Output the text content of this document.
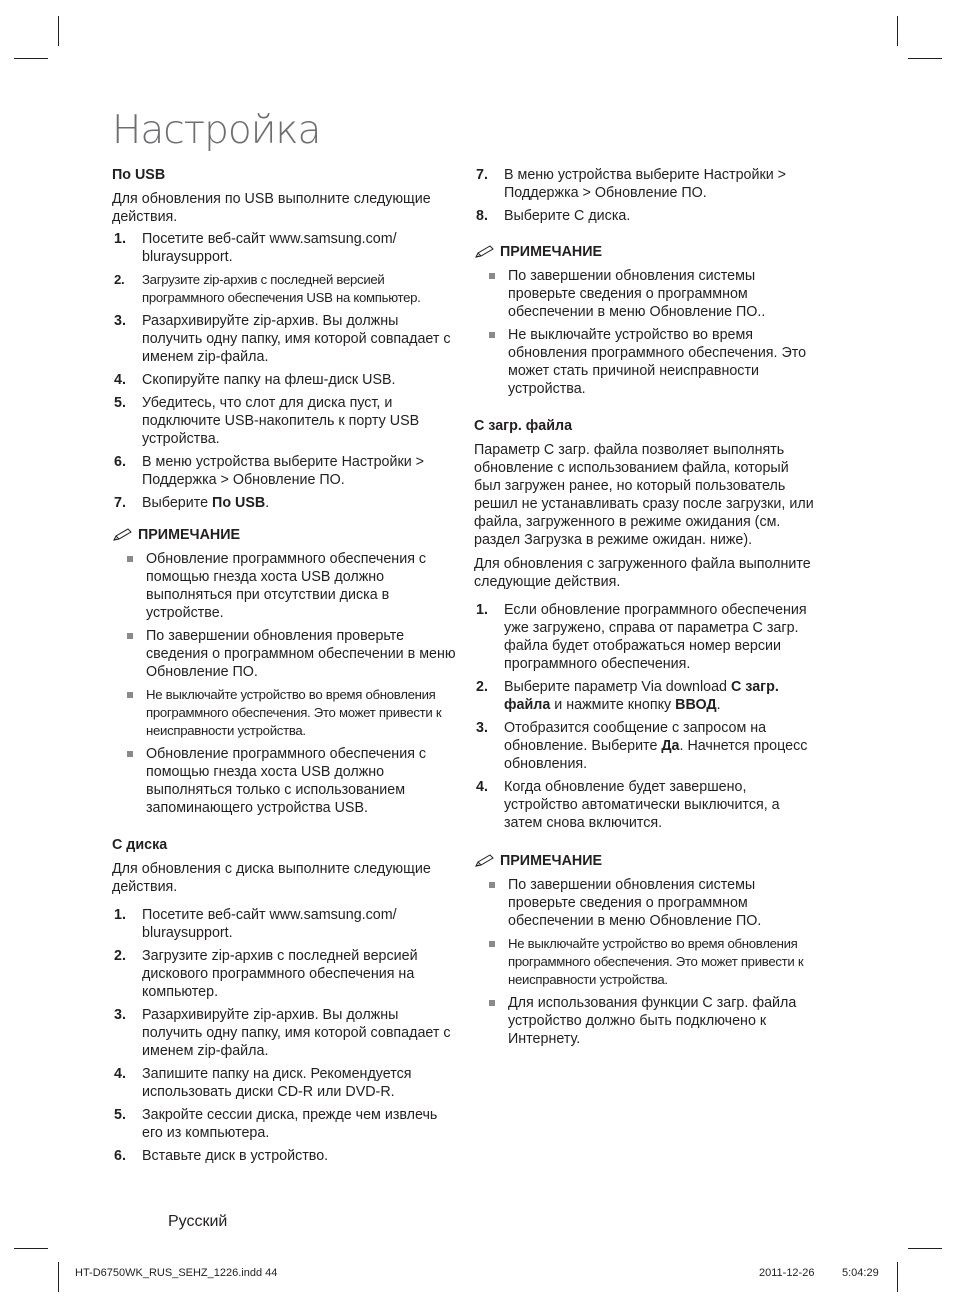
Настройка
По USB

Для обновления по USB выполните следующие действия.

1. Посетите веб-сайт www.samsung.com/ bluraysupport.
2. Загрузите zip-архив с последней версией программного обеспечения USB на компьютер.
3. Разархивируйте zip-архив. Вы должны получить одну папку, имя которой совпадает с именем zip-файла.
4. Скопируйте папку на флеш-диск USB.
5. Убедитесь, что слот для диска пуст, и подключите USB-накопитель к порту USB устройства.
6. В меню устройства выберите Настройки > Поддержка > Обновление ПО.
7. Выберите По USB.
ПРИМЕЧАНИЕ
Обновление программного обеспечения с помощью гнезда хоста USB должно выполняться при отсутствии диска в устройстве.
По завершении обновления проверьте сведения о программном обеспечении в меню Обновление ПО.
Не выключайте устройство во время обновления программного обеспечения. Это может привести к неисправности устройства.
Обновление программного обеспечения с помощью гнезда хоста USB должно выполняться только с использованием запоминающего устройства USB.
С диска

Для обновления с диска выполните следующие действия.

1. Посетите веб-сайт www.samsung.com/ bluraysupport.
2. Загрузите zip-архив с последней версией дискового программного обеспечения на компьютер.
3. Разархивируйте zip-архив. Вы должны получить одну папку, имя которой совпадает с именем zip-файла.
4. Запишите папку на диск. Рекомендуется использовать диски CD-R или DVD-R.
5. Закройте сессии диска, прежде чем извлечь его из компьютера.
6. Вставьте диск в устройство.
7. В меню устройства выберите Настройки > Поддержка > Обновление ПО.
8. Выберите С диска.
ПРИМЕЧАНИЕ
По завершении обновления системы проверьте сведения о программном обеспечении в меню Обновление ПО..
Не выключайте устройство во время обновления программного обеспечения. Это может стать причиной неисправности устройства.
С загр. файла

Параметр С загр. файла позволяет выполнять обновление с использованием файла, который был загружен ранее, но который пользователь решил не устанавливать сразу после загрузки, или файла, загруженного в режиме ожидания (см. раздел Загрузка в режиме ожидан. ниже).

Для обновления с загруженного файла выполните следующие действия.

1. Если обновление программного обеспечения уже загружено, справа от параметра С загр. файла будет отображаться номер версии программного обеспечения.
2. Выберите параметр Via download С загр. файла и нажмите кнопку ВВОД.
3. Отобразится сообщение с запросом на обновление. Выберите Да. Начнется процесс обновления.
4. Когда обновление будет завершено, устройство автоматически выключится, а затем снова включится.
ПРИМЕЧАНИЕ
По завершении обновления системы проверьте сведения о программном обеспечении в меню Обновление ПО.
Не выключайте устройство во время обновления программного обеспечения. Это может привести к неисправности устройства.
Для использования функции С загр. файла устройство должно быть подключено к Интернету.
Русский
HT-D6750WK_RUS_SEHZ_1226.indd 44	2011-12-26	5:04:29
